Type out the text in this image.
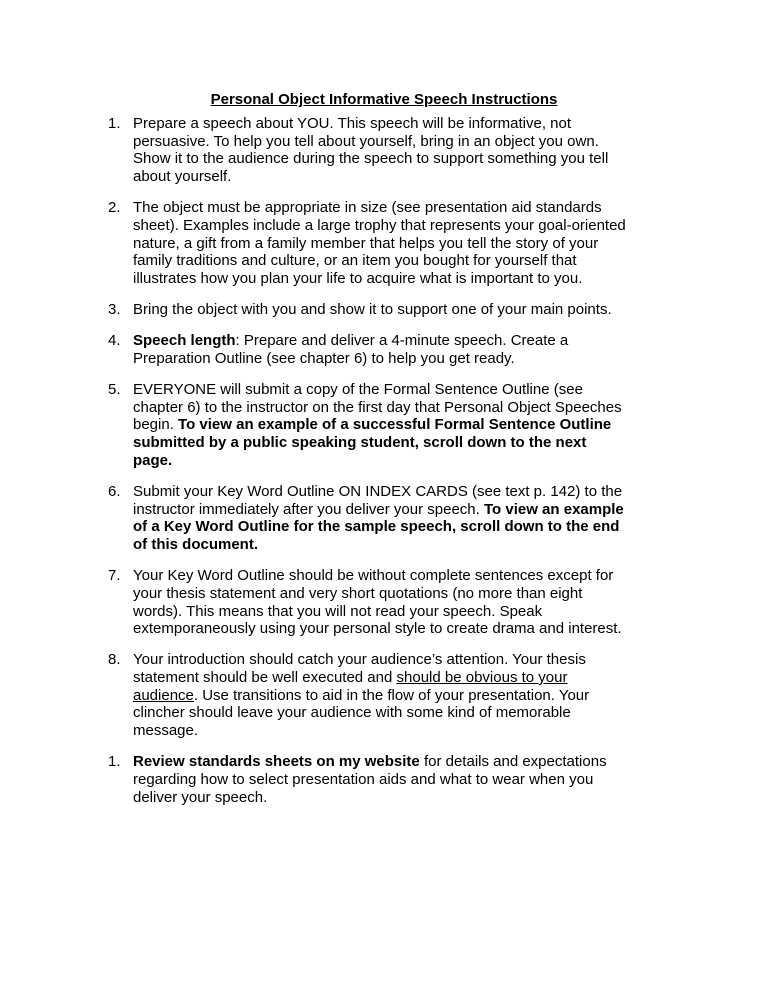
Personal Object Informative Speech Instructions
1. Prepare a speech about YOU. This speech will be informative, not
persuasive. To help you tell about yourself, bring in an object you own.
Show it to the audience during the speech to support something you tell
about yourself.
2. The object must be appropriate in size (see presentation aid standards
sheet). Examples include a large trophy that represents your goal-oriented
nature, a gift from a family member that helps you tell the story of your
family traditions and culture, or an item you bought for yourself that
illustrates how you plan your life to acquire what is important to you.
3. Bring the object with you and show it to support one of your main points.
4. Speech length: Prepare and deliver a 4-minute speech. Create a
Preparation Outline (see chapter 6) to help you get ready.
5. EVERYONE will submit a copy of the Formal Sentence Outline (see
chapter 6) to the instructor on the first day that Personal Object Speeches
begin. To view an example of a successful Formal Sentence Outline
submitted by a public speaking student, scroll down to the next
page.
6. Submit your Key Word Outline ON INDEX CARDS (see text p. 142) to the
instructor immediately after you deliver your speech. To view an example
of a Key Word Outline for the sample speech, scroll down to the end
of this document.
7. Your Key Word Outline should be without complete sentences except for
your thesis statement and very short quotations (no more than eight
words). This means that you will not read your speech. Speak
extemporaneously using your personal style to create drama and interest.
8. Your introduction should catch your audience’s attention. Your thesis
statement should be well executed and should be obvious to your
audience. Use transitions to aid in the flow of your presentation. Your
clincher should leave your audience with some kind of memorable
message.
1. Review standards sheets on my website for details and expectations
regarding how to select presentation aids and what to wear when you
deliver your speech.
